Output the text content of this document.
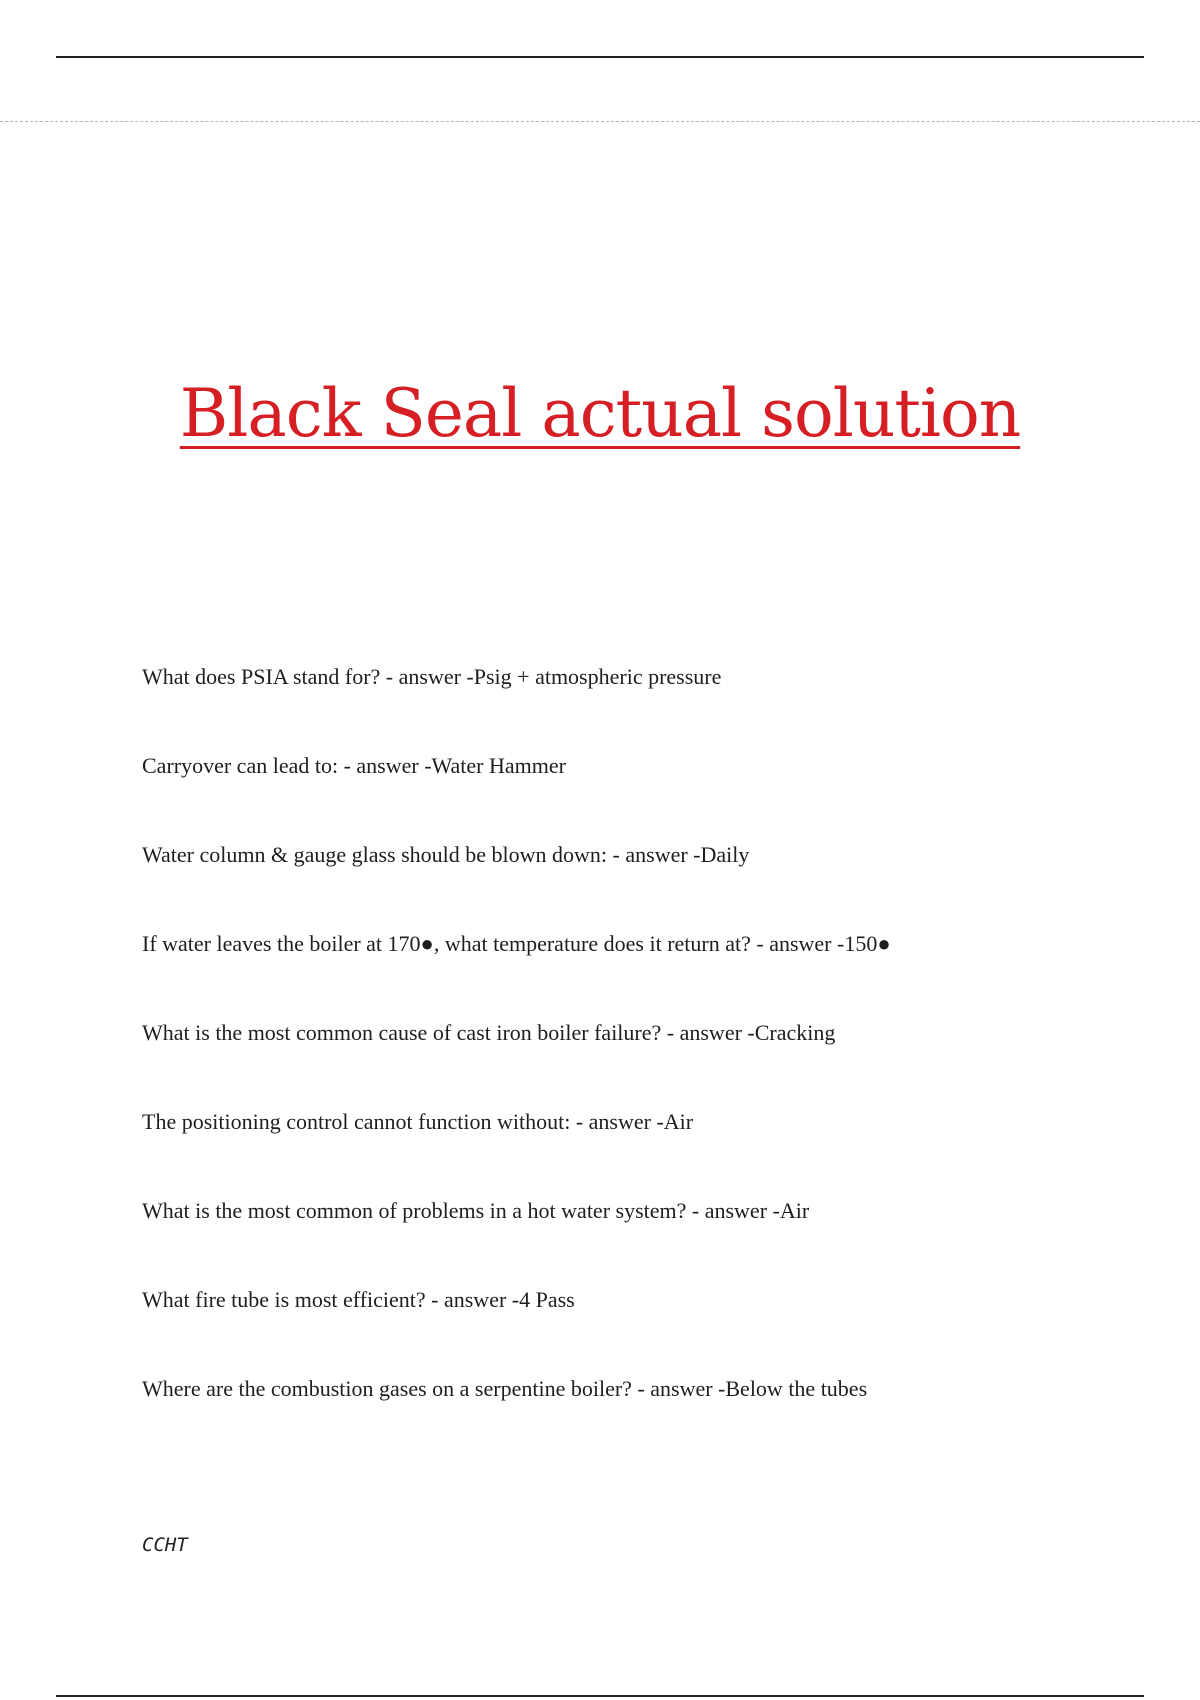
Black Seal actual solution
What does PSIA stand for? - answer -Psig + atmospheric pressure
Carryover can lead to: - answer -Water Hammer
Water column & gauge glass should be blown down: - answer -Daily
If water leaves the boiler at 170●, what temperature does it return at? - answer -150●
What is the most common cause of cast iron boiler failure? - answer -Cracking
The positioning control cannot function without: - answer -Air
What is the most common of problems in a hot water system? - answer -Air
What fire tube is most efficient? - answer -4 Pass
Where are the combustion gases on a serpentine boiler? - answer -Below the tubes

CCHT
